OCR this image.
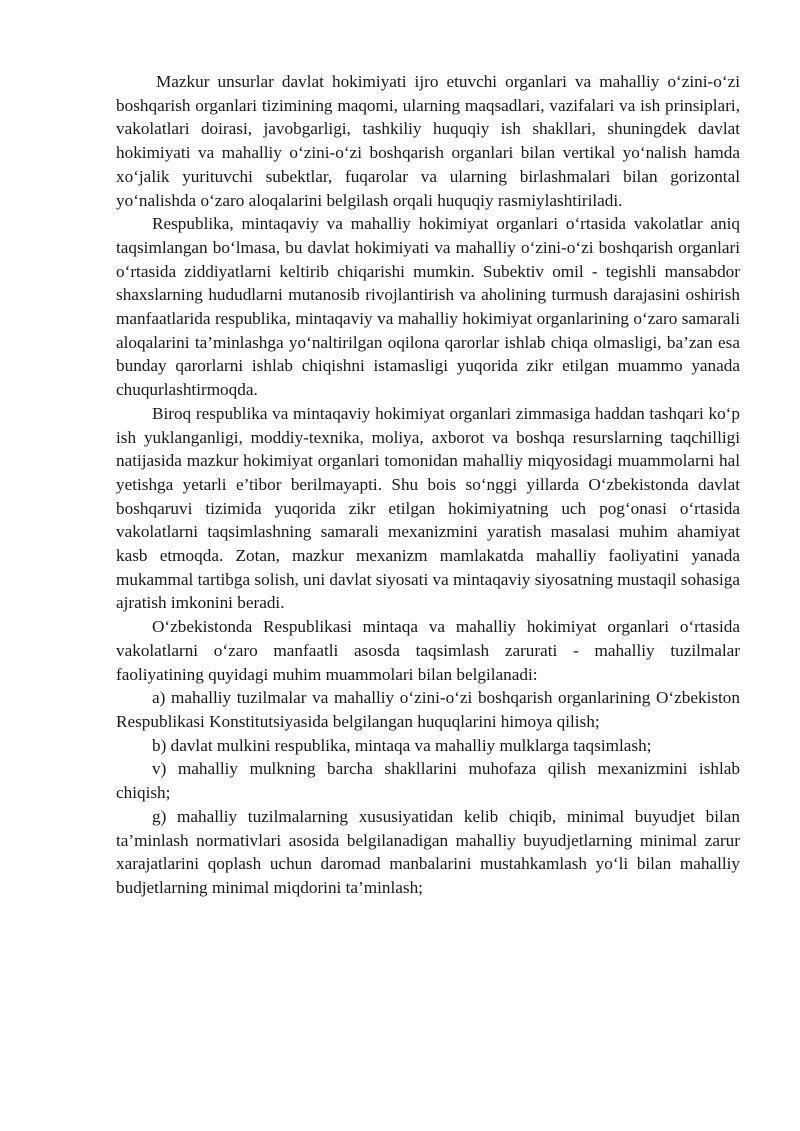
Mazkur unsurlar davlat hokimiyati ijro etuvchi organlari va mahalliy o‘zini-o‘zi boshqarish organlari tizimining maqomi, ularning maqsadlari, vazifalari va ish prinsiplari, vakolatlari doirasi, javobgarligi, tashkiliy huquqiy ish shakllari, shuningdek davlat hokimiyati va mahalliy o‘zini-o‘zi boshqarish organlari bilan vertikal yo‘nalish hamda xo‘jalik yurituvchi subektlar, fuqarolar va ularning birlashmalari bilan gorizontal yo‘nalishda o‘zaro aloqalarini belgilash orqali huquqiy rasmiylashtiriladi.

Respublika, mintaqaviy va mahalliy hokimiyat organlari o‘rtasida vakolatlar aniq taqsimlangan bo‘lmasa, bu davlat hokimiyati va mahalliy o‘zini-o‘zi boshqarish organlari o‘rtasida ziddiyatlarni keltirib chiqarishi mumkin. Subektiv omil - tegishli mansabdor shaxslarning hududlarni mutanosib rivojlantirish va aholining turmush darajasini oshirish manfaatlarida respublika, mintaqaviy va mahalliy hokimiyat organlarining o‘zaro samarali aloqalarini ta’minlashga yo‘naltirilgan oqilona qarorlar ishlab chiqa olmasligi, ba’zan esa bunday qarorlarni ishlab chiqishni istamasligi yuqorida zikr etilgan muammo yanada chuqurlashtirmoqda.

Biroq respublika va mintaqaviy hokimiyat organlari zimmasiga haddan tashqari ko‘p ish yuklanganligi, moddiy-texnika, moliya, axborot va boshqa resurslarning taqchilligi natijasida mazkur hokimiyat organlari tomonidan mahalliy miqyosidagi muammolarni hal yetishga yetarli e’tibor berilmayapti. Shu bois so‘nggi yillarda O‘zbekistonda davlat boshqaruvi tizimida yuqorida zikr etilgan hokimiyatning uch pog‘onasi o‘rtasida vakolatlarni taqsimlashning samarali mexanizmini yaratish masalasi muhim ahamiyat kasb etmoqda. Zotan, mazkur mexanizm mamlakatda mahalliy faoliyatini yanada mukammal tartibga solish, uni davlat siyosati va mintaqaviy siyosatning mustaqil sohasiga ajratish imkonini beradi.

O‘zbekistonda Respublikasi mintaqa va mahalliy hokimiyat organlari o‘rtasida vakolatlarni o‘zaro manfaatli asosda taqsimlash zarurati - mahalliy tuzilmalar faoliyatining quyidagi muhim muammolari bilan belgilanadi:

a) mahalliy tuzilmalar va mahalliy o‘zini-o‘zi boshqarish organlarining O‘zbekiston Respublikasi Konstitutsiyasida belgilangan huquqlarini himoya qilish;

b) davlat mulkini respublika, mintaqa va mahalliy mulklarga taqsimlash;

v) mahalliy mulkning barcha shakllarini muhofaza qilish mexanizmini ishlab chiqish;

g) mahalliy tuzilmalarning xususiyatidan kelib chiqib, minimal buyudjet bilan ta’minlash normativlari asosida belgilanadigan mahalliy buyudjetlarning minimal zarur xarajatlarini qoplash uchun daromad manbalarini mustahkamlash yo‘li bilan mahalliy budjetlarning minimal miqdorini ta’minlash;
